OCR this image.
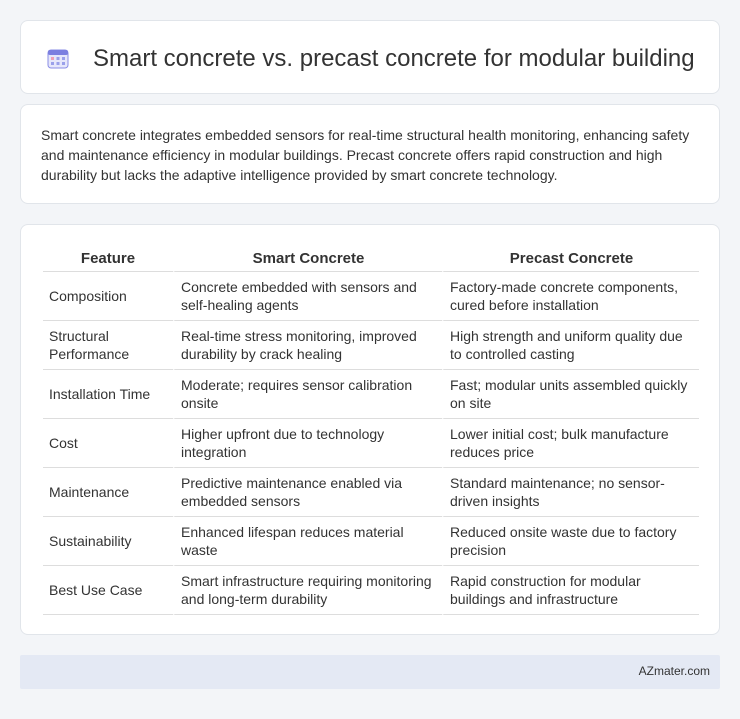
Smart concrete vs. precast concrete for modular building

Smart concrete integrates embedded sensors for real-time structural health monitoring, enhancing safety and maintenance efficiency in modular buildings. Precast concrete offers rapid construction and high durability but lacks the adaptive intelligence provided by smart concrete technology.

Feature	Smart Concrete	Precast Concrete
Composition	Concrete embedded with sensors and self-healing agents	Factory-made concrete components, cured before installation
Structural Performance	Real-time stress monitoring, improved durability by crack healing	High strength and uniform quality due to controlled casting
Installation Time	Moderate; requires sensor calibration onsite	Fast; modular units assembled quickly on site
Cost	Higher upfront due to technology integration	Lower initial cost; bulk manufacture reduces price
Maintenance	Predictive maintenance enabled via embedded sensors	Standard maintenance; no sensor-driven insights
Sustainability	Enhanced lifespan reduces material waste	Reduced onsite waste due to factory precision
Best Use Case	Smart infrastructure requiring monitoring and long-term durability	Rapid construction for modular buildings and infrastructure
AZmater.com
